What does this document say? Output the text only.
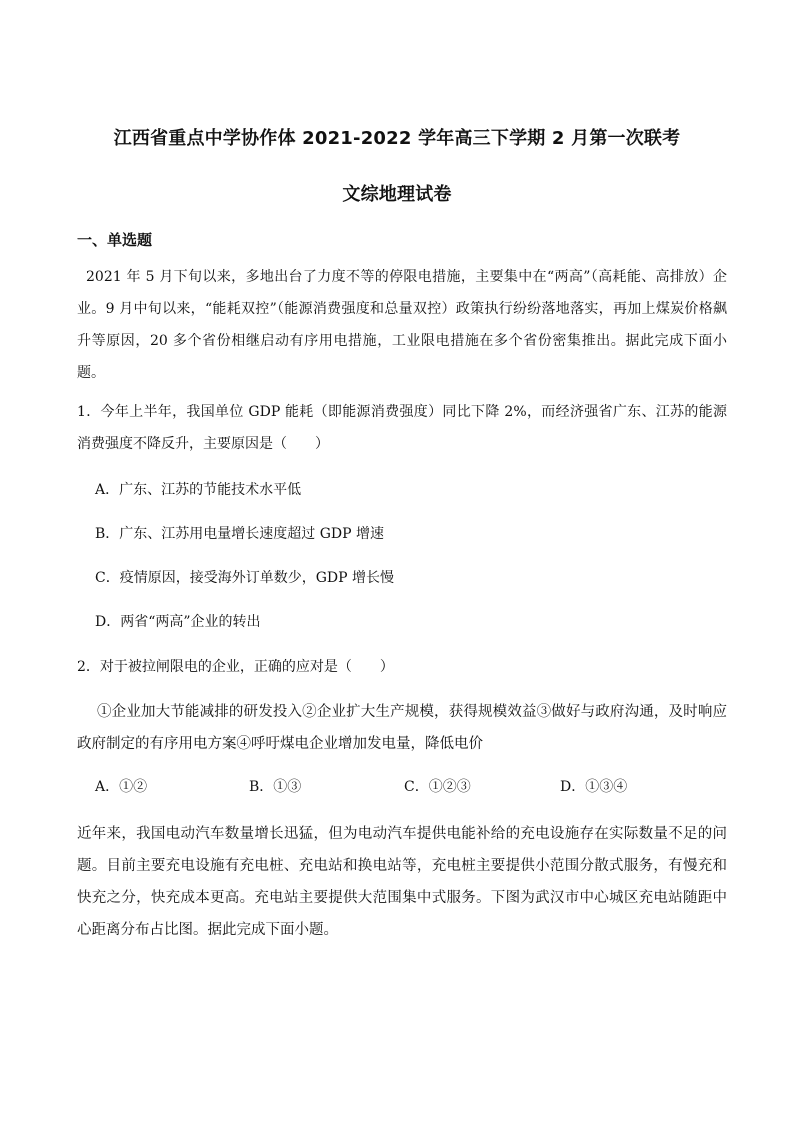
江西省重点中学协作体 2021-2022 学年高三下学期 2 月第一次联考
文综地理试卷
一、单选题
2021 年 5 月下旬以来，多地出台了力度不等的停限电措施，主要集中在“两高”（高耗能、高排放）企业。9 月中旬以来，“能耗双控”（能源消费强度和总量双控）政策执行纷纷落地落实，再加上煤炭价格飙升等原因，20 多个省份相继启动有序用电措施，工业限电措施在多个省份密集推出。据此完成下面小题。
1．今年上半年，我国单位 GDP 能耗（即能源消费强度）同比下降 2%，而经济强省广东、江苏的能源消费强度不降反升，主要原因是（　　）
A．广东、江苏的节能技术水平低
B．广东、江苏用电量增长速度超过 GDP 增速
C．疫情原因，接受海外订单数少，GDP 增长慢
D．两省“两高”企业的转出
2．对于被拉闸限电的企业，正确的应对是（　　）
①企业加大节能减排的研发投入②企业扩大生产规模，获得规模效益③做好与政府沟通，及时响应政府制定的有序用电方案④呼吁煤电企业增加发电量，降低电价
A．①②	B．①③	C．①②③	D．①③④
近年来，我国电动汽车数量增长迅猛，但为电动汽车提供电能补给的充电设施存在实际数量不足的问题。目前主要充电设施有充电桩、充电站和换电站等，充电桩主要提供小范围分散式服务，有慢充和快充之分，快充成本更高。充电站主要提供大范围集中式服务。下图为武汉市中心城区充电站随距中心距离分布占比图。据此完成下面小题。
